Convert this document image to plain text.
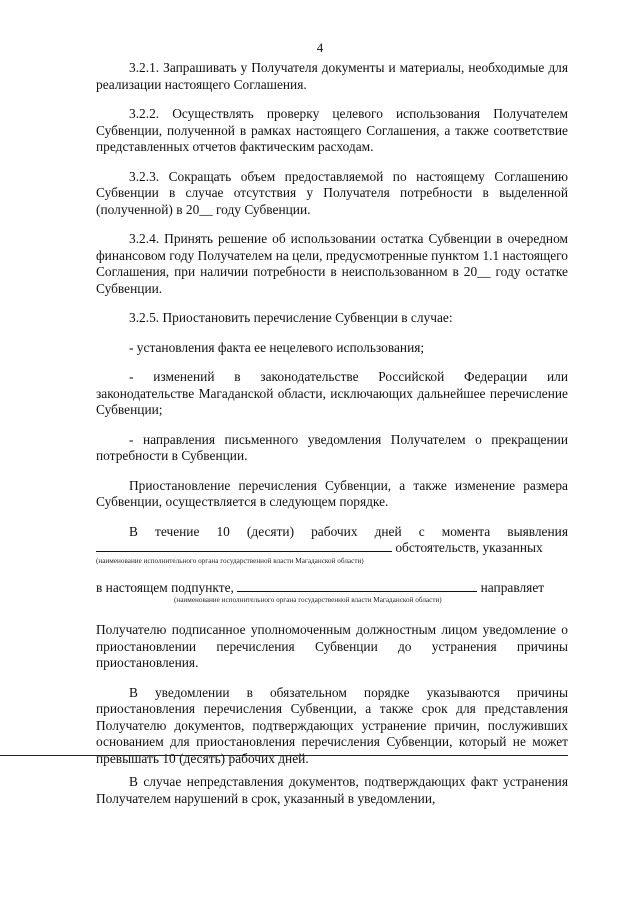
4

3.2.1. Запрашивать у Получателя документы и материалы, необходимые для реализации настоящего Соглашения.

3.2.2. Осуществлять проверку целевого использования Получателем Субвенции, полученной в рамках настоящего Соглашения, а также соответствие представленных отчетов фактическим расходам.

3.2.3. Сокращать объем предоставляемой по настоящему Соглашению Субвенции в случае отсутствия у Получателя потребности в выделенной (полученной) в 20__ году Субвенции.

3.2.4. Принять решение об использовании остатка Субвенции в очередном финансовом году Получателем на цели, предусмотренные пунктом 1.1 настоящего Соглашения, при наличии потребности в неиспользованном в 20__ году остатке Субвенции.

3.2.5. Приостановить перечисление Субвенции в случае:

- установления факта ее нецелевого использования;

- изменений в законодательстве Российской Федерации или законодательстве Магаданской области, исключающих дальнейшее перечисление Субвенции;

- направления письменного уведомления Получателем о прекращении потребности в Субвенции.

Приостановление перечисления Субвенции, а также изменение размера Субвенции, осуществляется в следующем порядке.

В течение 10 (десяти) рабочих дней с момента выявления

обстоятельств, указанных

(наименование исполнительного органа государственной власти Магаданской области)

в настоящем подпункте,	направляет

(наименование исполнительного органа государственной власти Магаданской области)

Получателю подписанное уполномоченным должностным лицом уведомление о приостановлении перечисления Субвенции до устранения причины приостановления.

В уведомлении в обязательном порядке указываются причины приостановления перечисления Субвенции, а также срок для представления Получателю документов, подтверждающих устранение причин, послуживших основанием для приостановления перечисления Субвенции, который не может превышать 10 (десять) рабочих дней.

В случае непредставления документов, подтверждающих факт устранения Получателем нарушений в срок, указанный в уведомлении,
